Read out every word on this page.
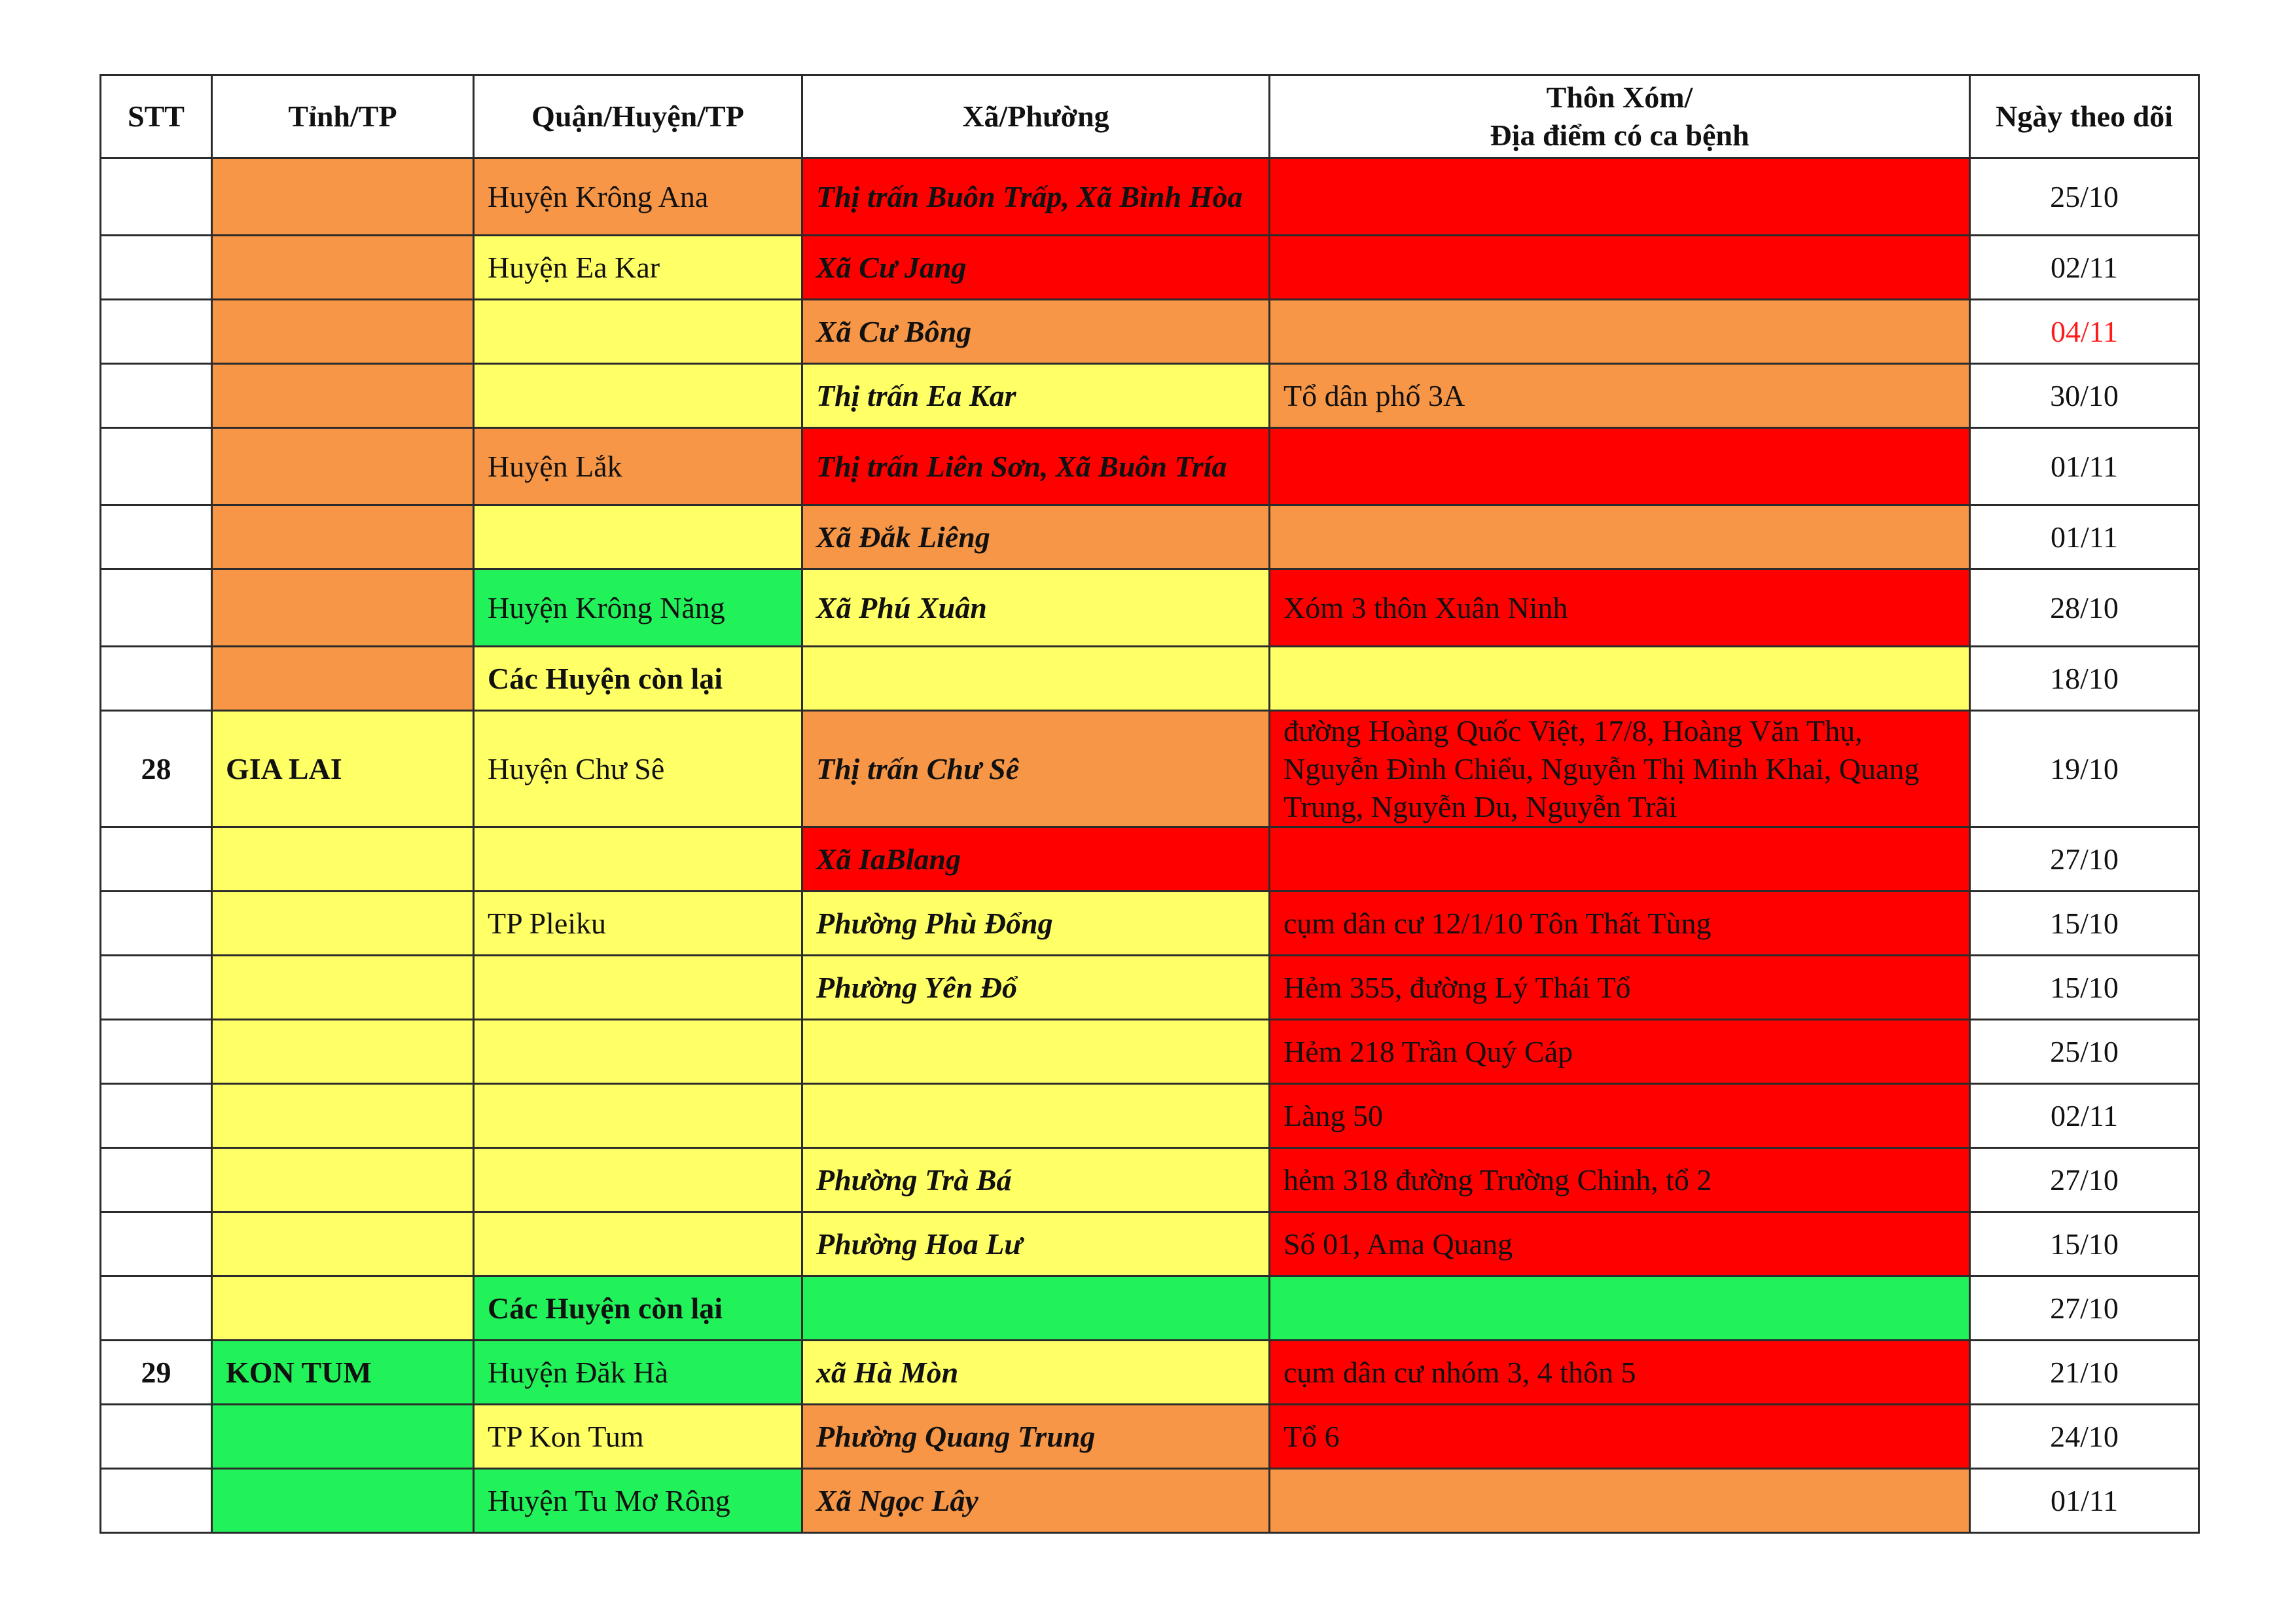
STT	Tỉnh/TP	Quận/Huyện/TP	Xã/Phường	Thôn Xóm/
Địa điểm có ca bệnh	Ngày theo dõi
		Huyện Krông Ana	Thị trấn Buôn Trấp, Xã Bình Hòa		25/10
		Huyện Ea Kar	Xã Cư Jang		02/11
			Xã Cư Bông		04/11
			Thị trấn Ea Kar	Tổ dân phố 3A	30/10
		Huyện Lắk	Thị trấn Liên Sơn, Xã Buôn Tría		01/11
			Xã Đắk Liêng		01/11
		Huyện Krông Năng	Xã Phú Xuân	Xóm 3 thôn Xuân Ninh	28/10
		Các Huyện còn lại			18/10
28	GIA LAI	Huyện Chư Sê	Thị trấn Chư Sê	đường Hoàng Quốc Việt, 17/8, Hoàng Văn Thụ, Nguyễn Đình Chiểu, Nguyễn Thị Minh Khai, Quang Trung, Nguyễn Du, Nguyễn Trãi	19/10
			Xã IaBlang		27/10
		TP Pleiku	Phường Phù Đổng	cụm dân cư 12/1/10 Tôn Thất Tùng	15/10
			Phường Yên Đổ	Hẻm 355, đường Lý Thái Tổ	15/10
				Hẻm 218 Trần Quý Cáp	25/10
				Làng 50	02/11
			Phường Trà Bá	hẻm 318 đường Trường Chinh, tổ 2	27/10
			Phường Hoa Lư	Số 01, Ama Quang	15/10
		Các Huyện còn lại			27/10
29	KON TUM	Huyện Đăk Hà	xã Hà Mòn	cụm dân cư nhóm 3, 4 thôn 5	21/10
		TP Kon Tum	Phường Quang Trung	Tổ 6	24/10
		Huyện Tu Mơ Rông	Xã Ngọc Lây		01/11
